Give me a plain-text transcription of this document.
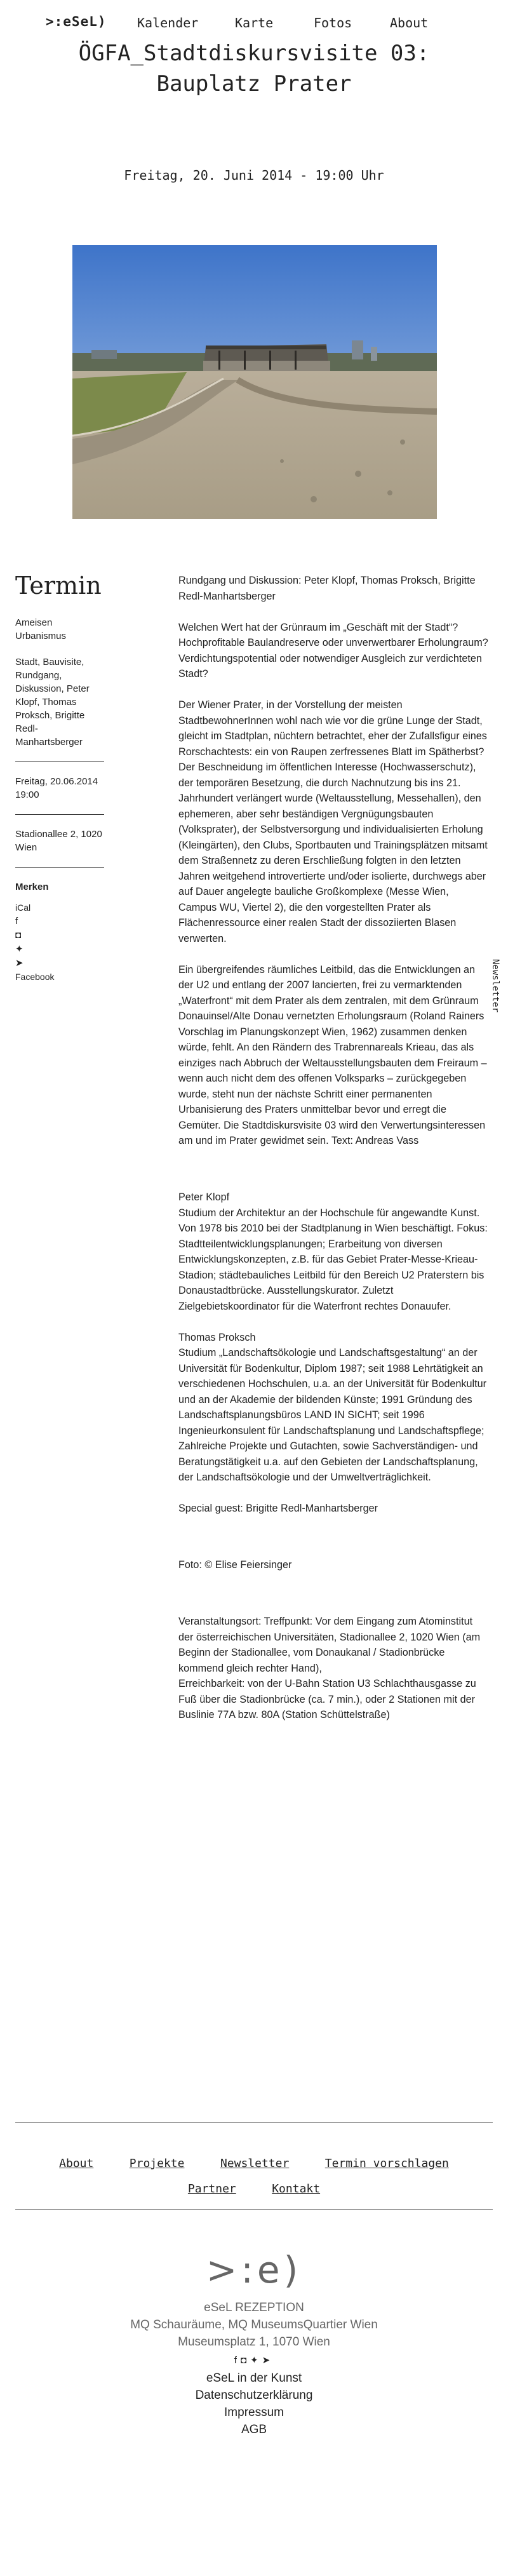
>:eSeL) Kalender	Karte	Fotos	About
ÖGFA_Stadtdiskursvisite 03: Bauplatz Prater
Freitag, 20. Juni 2014 - 19:00 Uhr
Termin

Ameisen Urbanismus

Stadt, Bauvisite, Rundgang, Diskussion, Peter Klopf, Thomas Proksch, Brigitte Redl-Manhartsberger

Freitag, 20.06.2014 19:00

Stadionallee 2, 1020 Wien

Merken

iCal

f
◘
✦
➤

Facebook

Rundgang und Diskussion: Peter Klopf, Thomas Proksch, Brigitte Redl-Manhartsberger

Welchen Wert hat der Grünraum im „Geschäft mit der Stadt“? Hochprofitable Baulandreserve oder unverwertbarer Erholungraum? Verdichtungspotential oder notwendiger Ausgleich zur verdichteten Stadt?

Der Wiener Prater, in der Vorstellung der meisten StadtbewohnerInnen wohl nach wie vor die grüne Lunge der Stadt, gleicht im Stadtplan, nüchtern betrachtet, eher der Zufallsfigur eines Rorschachtests: ein von Raupen zerfressenes Blatt im Spätherbst? Der Beschneidung im öffentlichen Interesse (Hochwasserschutz), der temporären Besetzung, die durch Nachnutzung bis ins 21. Jahrhundert verlängert wurde (Weltausstellung, Messehallen), den ephemeren, aber sehr beständigen Vergnügungsbauten (Volksprater), der Selbstversorgung und individualisierten Erholung (Kleingärten), den Clubs, Sportbauten und Trainingsplätzen mitsamt dem Straßennetz zu deren Erschließung folgten in den letzten Jahren weitgehend introvertierte und/oder isolierte, durchwegs aber auf Dauer angelegte bauliche Großkomplexe (Messe Wien, Campus WU, Viertel 2), die den vorgestellten Prater als Flächenressource einer realen Stadt der dissoziierten Blasen verwerten.

Ein übergreifendes räumliches Leitbild, das die Entwicklungen an der U2 und entlang der 2007 lancierten, frei zu vermarktenden „Waterfront“ mit dem Prater als dem zentralen, mit dem Grünraum Donauinsel/Alte Donau vernetzten Erholungsraum (Roland Rainers Vorschlag im Planungskonzept Wien, 1962) zusammen denken würde, fehlt. An den Rändern des Trabrennareals Krieau, das als einziges nach Abbruch der Weltausstellungsbauten dem Freiraum – wenn auch nicht dem des offenen Volksparks – zurückgegeben wurde, steht nun der nächste Schritt einer permanenten Urbanisierung des Praters unmittelbar bevor und erregt die Gemüter. Die Stadtdiskursvisite 03 wird den Verwertungsinteressen am und im Prater gewidmet sein. Text: Andreas Vass

Peter Klopf
Studium der Architektur an der Hochschule für angewandte Kunst. Von 1978 bis 2010 bei der Stadtplanung in Wien beschäftigt. Fokus: Stadtteilentwicklungsplanungen; Erarbeitung von diversen Entwicklungskonzepten, z.B. für das Gebiet Prater-Messe-Krieau-Stadion; städtebauliches Leitbild für den Bereich U2 Praterstern bis Donaustadtbrücke. Ausstellungskurator. Zuletzt Zielgebietskoordinator für die Waterfront rechtes Donauufer.

Thomas Proksch
Studium „Landschaftsökologie und Landschaftsgestaltung“ an der Universität für Bodenkultur, Diplom 1987; seit 1988 Lehrtätigkeit an verschiedenen Hochschulen, u.a. an der Universität für Bodenkultur und an der Akademie der bildenden Künste; 1991 Gründung des Landschaftsplanungsbüros LAND IN SICHT; seit 1996 Ingenieurkonsulent für Landschaftsplanung und Landschaftspflege; Zahlreiche Projekte und Gutachten, sowie Sachverständigen- und Beratungstätigkeit u.a. auf den Gebieten der Landschaftsplanung, der Landschaftsökologie und der Umweltverträglichkeit.

Special guest: Brigitte Redl-Manhartsberger

Foto: © Elise Feiersinger

Veranstaltungsort: Treffpunkt: Vor dem Eingang zum Atominstitut der österreichischen Universitäten, Stadionallee 2, 1020 Wien (am Beginn der Stadionallee, vom Donaukanal / Stadionbrücke kommend gleich rechter Hand),
Erreichbarkeit: von der U-Bahn Station U3 Schlachthausgasse zu Fuß über die Stadionbrücke (ca. 7 min.), oder 2 Stationen mit der Buslinie 77A bzw. 80A (Station Schüttelstraße)

Newsletter
About	Projekte	Newsletter	Termin vorschlagen
Partner	Kontakt
>:e)
eSeL REZEPTION
MQ Schauräume, MQ MuseumsQuartier Wien
Museumsplatz 1, 1070 Wien
f◘✦➤
eSeL in der Kunst
Datenschutzerklärung
Impressum
AGB
